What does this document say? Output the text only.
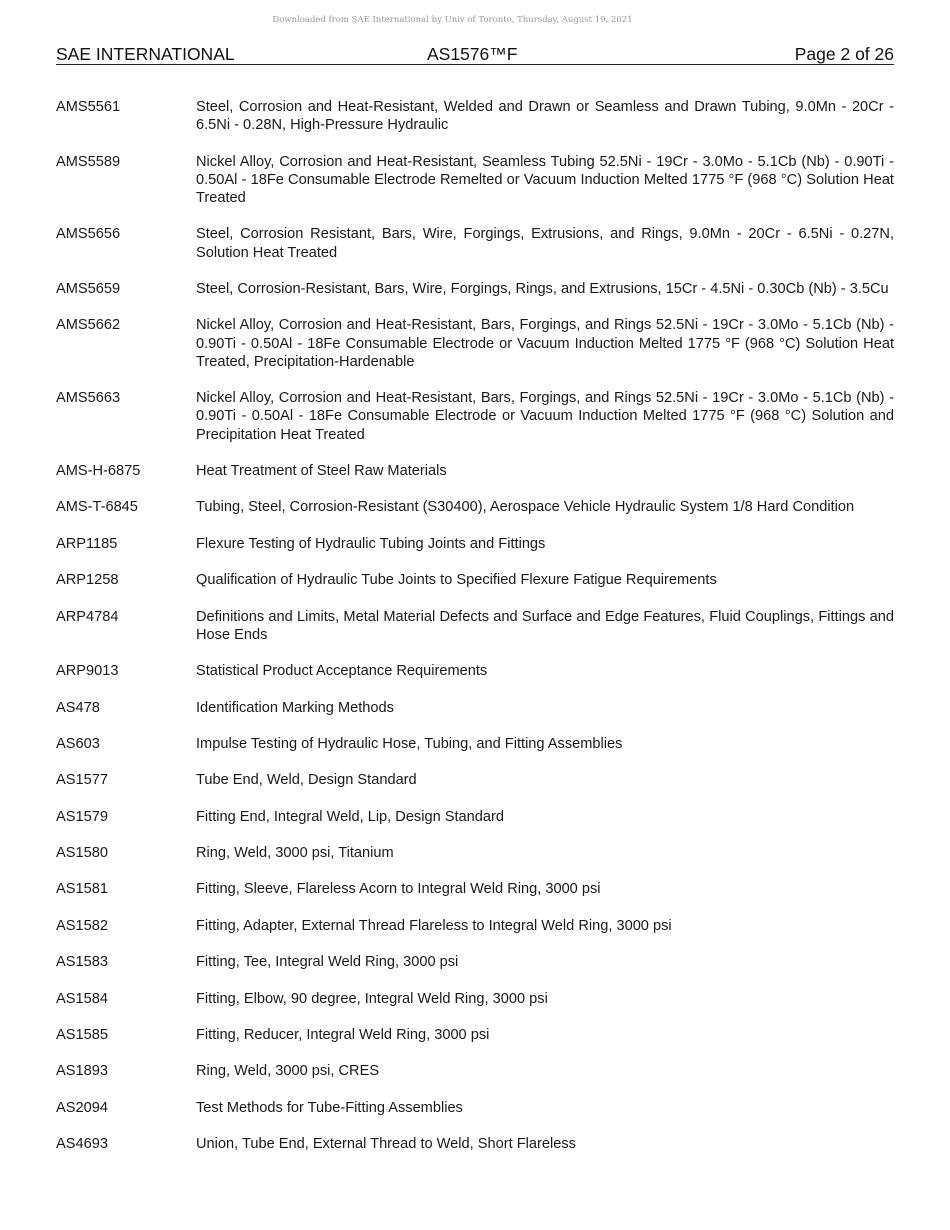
Downloaded from SAE International by Univ of Toronto, Thursday, August 19, 2021
SAE INTERNATIONAL	AS1576™F	Page 2 of 26
AMS5561	Steel, Corrosion and Heat-Resistant, Welded and Drawn or Seamless and Drawn Tubing, 9.0Mn - 20Cr - 6.5Ni - 0.28N, High-Pressure Hydraulic
AMS5589	Nickel Alloy, Corrosion and Heat-Resistant, Seamless Tubing 52.5Ni - 19Cr - 3.0Mo - 5.1Cb (Nb) - 0.90Ti - 0.50Al - 18Fe Consumable Electrode Remelted or Vacuum Induction Melted 1775 °F (968 °C) Solution Heat Treated
AMS5656	Steel, Corrosion Resistant, Bars, Wire, Forgings, Extrusions, and Rings, 9.0Mn - 20Cr - 6.5Ni - 0.27N, Solution Heat Treated
AMS5659	Steel, Corrosion-Resistant, Bars, Wire, Forgings, Rings, and Extrusions, 15Cr - 4.5Ni - 0.30Cb (Nb) - 3.5Cu
AMS5662	Nickel Alloy, Corrosion and Heat-Resistant, Bars, Forgings, and Rings 52.5Ni - 19Cr - 3.0Mo - 5.1Cb (Nb) - 0.90Ti - 0.50Al - 18Fe Consumable Electrode or Vacuum Induction Melted 1775 °F (968 °C) Solution Heat Treated, Precipitation-Hardenable
AMS5663	Nickel Alloy, Corrosion and Heat-Resistant, Bars, Forgings, and Rings 52.5Ni - 19Cr - 3.0Mo - 5.1Cb (Nb) - 0.90Ti - 0.50Al - 18Fe Consumable Electrode or Vacuum Induction Melted 1775 °F (968 °C) Solution and Precipitation Heat Treated
AMS-H-6875	Heat Treatment of Steel Raw Materials
AMS-T-6845	Tubing, Steel, Corrosion-Resistant (S30400), Aerospace Vehicle Hydraulic System 1/8 Hard Condition
ARP1185	Flexure Testing of Hydraulic Tubing Joints and Fittings
ARP1258	Qualification of Hydraulic Tube Joints to Specified Flexure Fatigue Requirements
ARP4784	Definitions and Limits, Metal Material Defects and Surface and Edge Features, Fluid Couplings, Fittings and Hose Ends
ARP9013	Statistical Product Acceptance Requirements
AS478	Identification Marking Methods
AS603	Impulse Testing of Hydraulic Hose, Tubing, and Fitting Assemblies
AS1577	Tube End, Weld, Design Standard
AS1579	Fitting End, Integral Weld, Lip, Design Standard
AS1580	Ring, Weld, 3000 psi, Titanium
AS1581	Fitting, Sleeve, Flareless Acorn to Integral Weld Ring, 3000 psi
AS1582	Fitting, Adapter, External Thread Flareless to Integral Weld Ring, 3000 psi
AS1583	Fitting, Tee, Integral Weld Ring, 3000 psi
AS1584	Fitting, Elbow, 90 degree, Integral Weld Ring, 3000 psi
AS1585	Fitting, Reducer, Integral Weld Ring, 3000 psi
AS1893	Ring, Weld, 3000 psi, CRES
AS2094	Test Methods for Tube-Fitting Assemblies
AS4693	Union, Tube End, External Thread to Weld, Short Flareless
